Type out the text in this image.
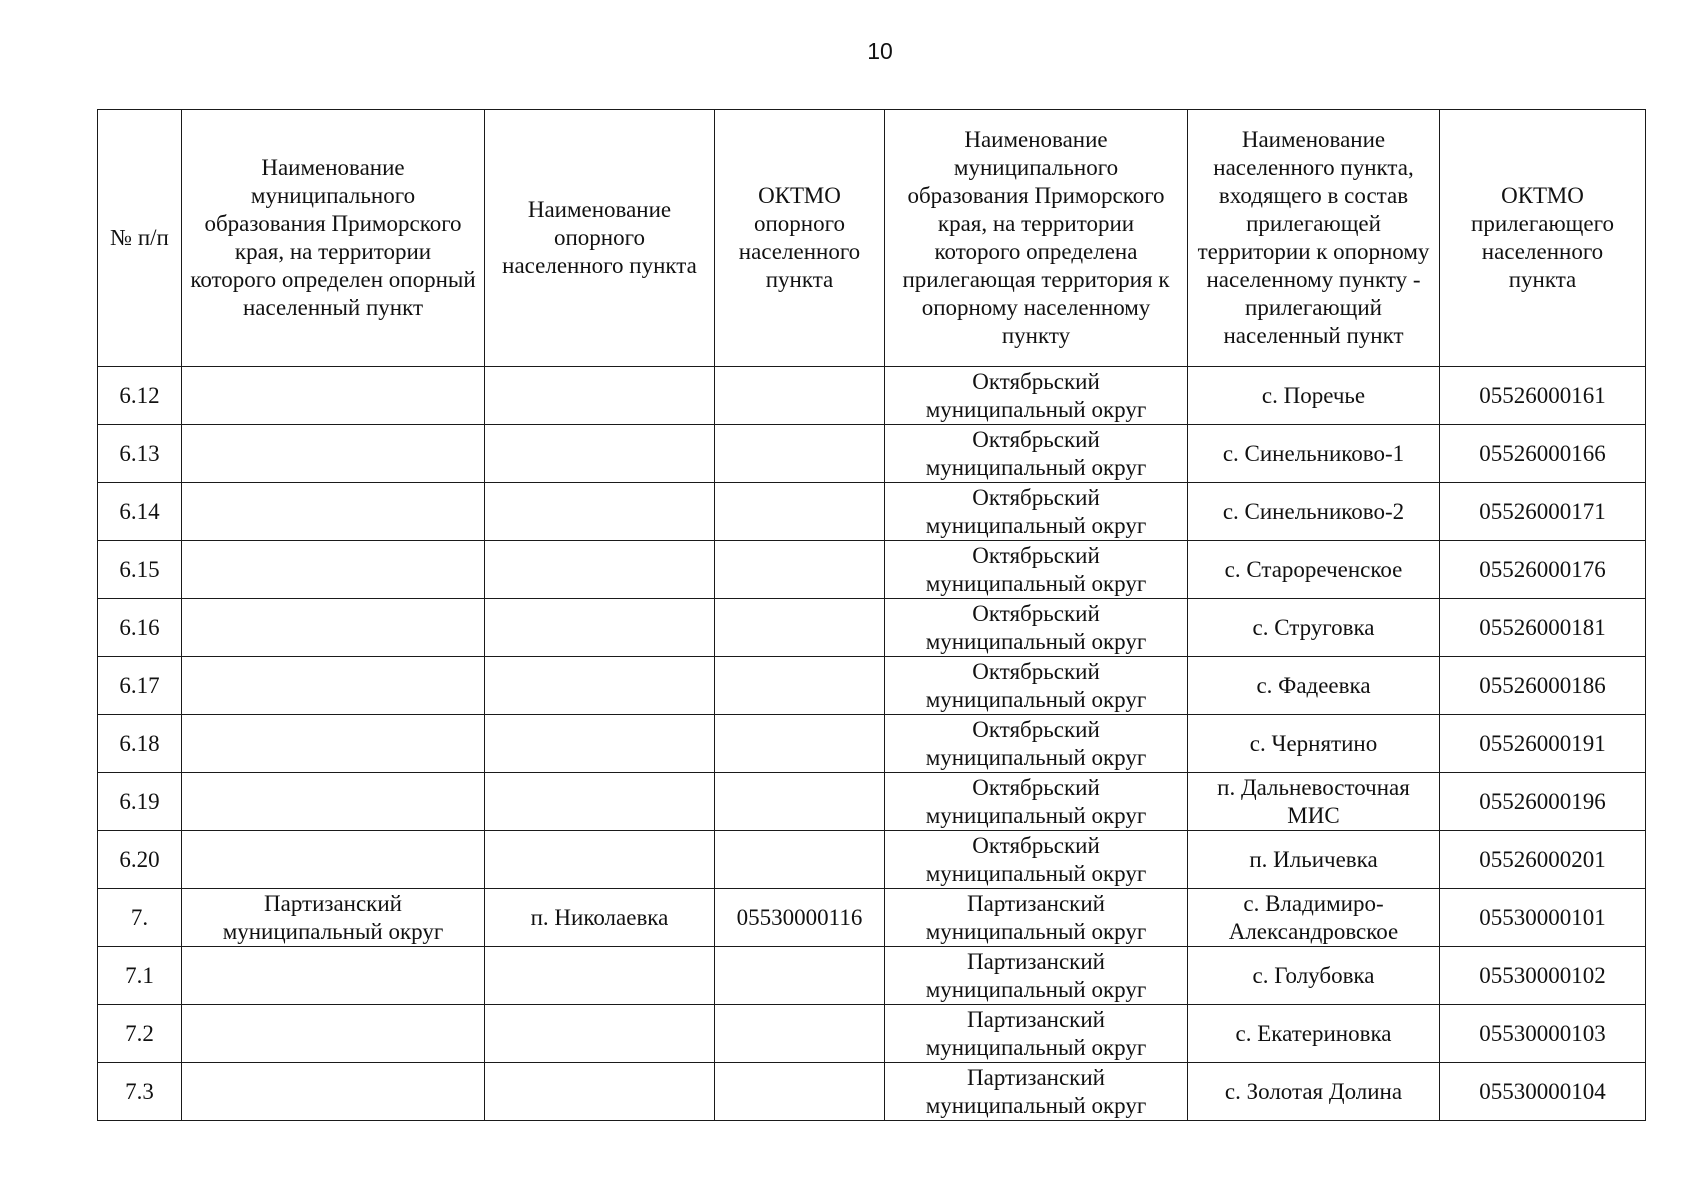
10
№ п/п	Наименование муниципального образования Приморского края, на территории которого определен опорный населенный пункт	Наименование опорного населенного пункта	ОКТМО опорного населенного пункта	Наименование муниципального образования Приморского края, на территории которого определена прилегающая территория к опорному населенному пункту	Наименование населенного пункта, входящего в состав прилегающей территории к опорному населенному пункту - прилегающий населенный пункт	ОКТМО прилегающего населенного пункта
6.12				Октябрьский муниципальный округ	с. Поречье	05526000161
6.13				Октябрьский муниципальный округ	с. Синельниково-1	05526000166
6.14				Октябрьский муниципальный округ	с. Синельниково-2	05526000171
6.15				Октябрьский муниципальный округ	с. Старореченское	05526000176
6.16				Октябрьский муниципальный округ	с. Струговка	05526000181
6.17				Октябрьский муниципальный округ	с. Фадеевка	05526000186
6.18				Октябрьский муниципальный округ	с. Чернятино	05526000191
6.19				Октябрьский муниципальный округ	п. Дальневосточная МИС	05526000196
6.20				Октябрьский муниципальный округ	п. Ильичевка	05526000201
7.	Партизанский муниципальный округ	п. Николаевка	05530000116	Партизанский муниципальный округ	с. Владимиро-Александровское	05530000101
7.1				Партизанский муниципальный округ	с. Голубовка	05530000102
7.2				Партизанский муниципальный округ	с. Екатериновка	05530000103
7.3				Партизанский муниципальный округ	с. Золотая Долина	05530000104
